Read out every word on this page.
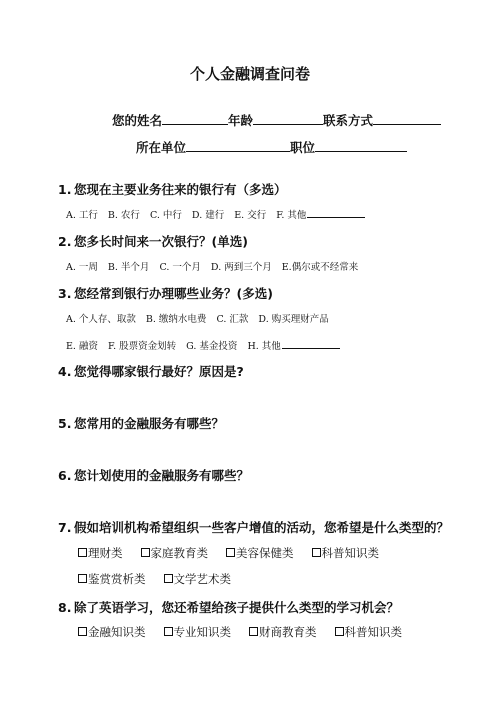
个人金融调查问卷
您的姓名	年龄	联系方式
所在单位	职位
1. 您现在主要业务往来的银行有（多选）
A. 工行 B. 农行 C. 中行 D. 建行 E. 交行 F. 其他
2. 您多长时间来一次银行？(单选)
A. 一周 B. 半个月 C. 一个月 D. 两到三个月 E.偶尔或不经常来
3. 您经常到银行办理哪些业务？(多选)
A. 个人存、取款 B. 缴纳水电费 C. 汇款 D. 购买理财产品
E. 融资 F. 股票资金划转 G. 基金投资 H. 其他
4. 您觉得哪家银行最好？原因是?
5. 您常用的金融服务有哪些？
6. 您计划使用的金融服务有哪些？
7. 假如培训机构希望组织一些客户增值的活动，您希望是什么类型的？
理财类 家庭教育类 美容保健类 科普知识类
鉴赏赏析类 文学艺术类
8. 除了英语学习，您还希望给孩子提供什么类型的学习机会？
金融知识类 专业知识类 财商教育类 科普知识类
